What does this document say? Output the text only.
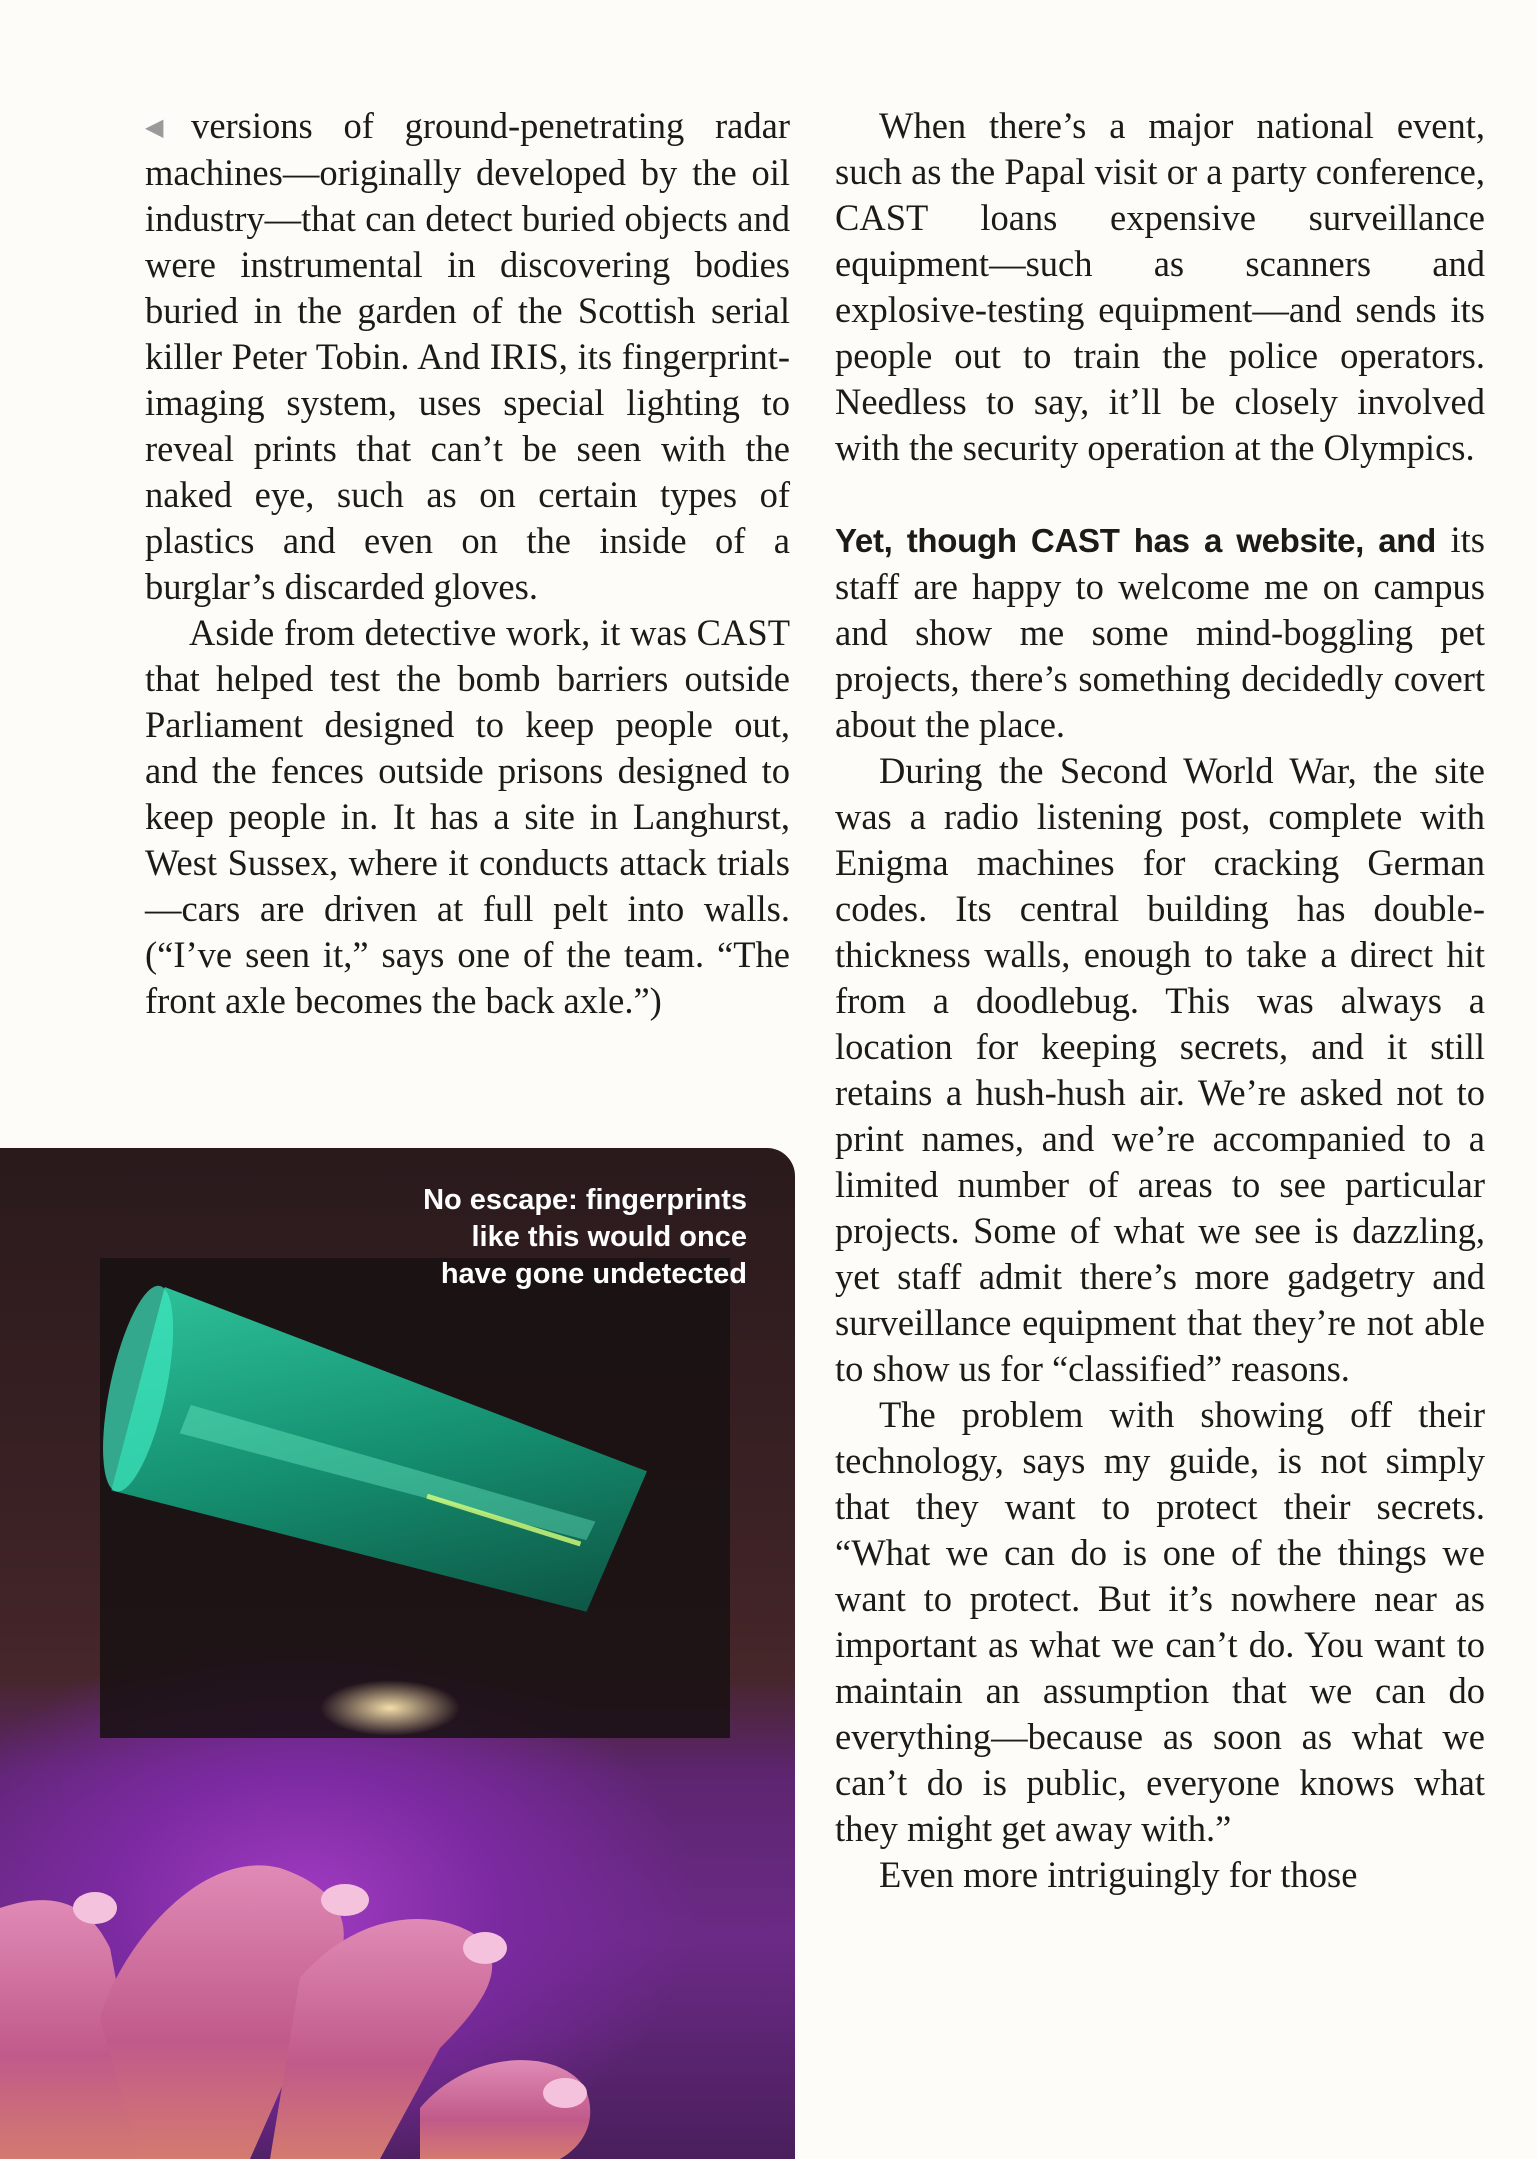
◀ versions of ground-penetrating radar machines—originally developed by the oil industry—that can detect buried objects and were instrumental in discovering bodies buried in the garden of the Scottish serial killer Peter Tobin. And IRIS, its fingerprint-imaging system, uses special lighting to reveal prints that can’t be seen with the naked eye, such as on certain types of plastics and even on the inside of a burglar’s discarded gloves.

Aside from detective work, it was CAST that helped test the bomb barriers outside Parliament designed to keep people out, and the fences outside prisons designed to keep people in. It has a site in Langhurst, West Sussex, where it conducts attack trials—cars are driven at full pelt into walls. (“I’ve seen it,” says one of the team. “The front axle becomes the back axle.”)

No escape: fingerprints
like this would once
have gone undetected

When there’s a major national event, such as the Papal visit or a party conference, CAST loans expensive surveillance equipment—such as scanners and explosive-testing equipment—and sends its people out to train the police operators. Needless to say, it’ll be closely involved with the security operation at the Olympics.

Yet, though CAST has a website, and its staff are happy to welcome me on campus and show me some mind-boggling pet projects, there’s something decidedly covert about the place.

During the Second World War, the site was a radio listening post, complete with Enigma machines for cracking German codes. Its central building has double-thickness walls, enough to take a direct hit from a doodlebug. This was always a location for keeping secrets, and it still retains a hush-hush air. We’re asked not to print names, and we’re accompanied to a limited number of areas to see particular projects. Some of what we see is dazzling, yet staff admit there’s more gadgetry and surveillance equipment that they’re not able to show us for “classified” reasons.

The problem with showing off their technology, says my guide, is not simply that they want to protect their secrets. “What we can do is one of the things we want to protect. But it’s nowhere near as important as what we can’t do. You want to maintain an assumption that we can do everything—because as soon as what we can’t do is public, everyone knows what they might get away with.”

Even more intriguingly for those
